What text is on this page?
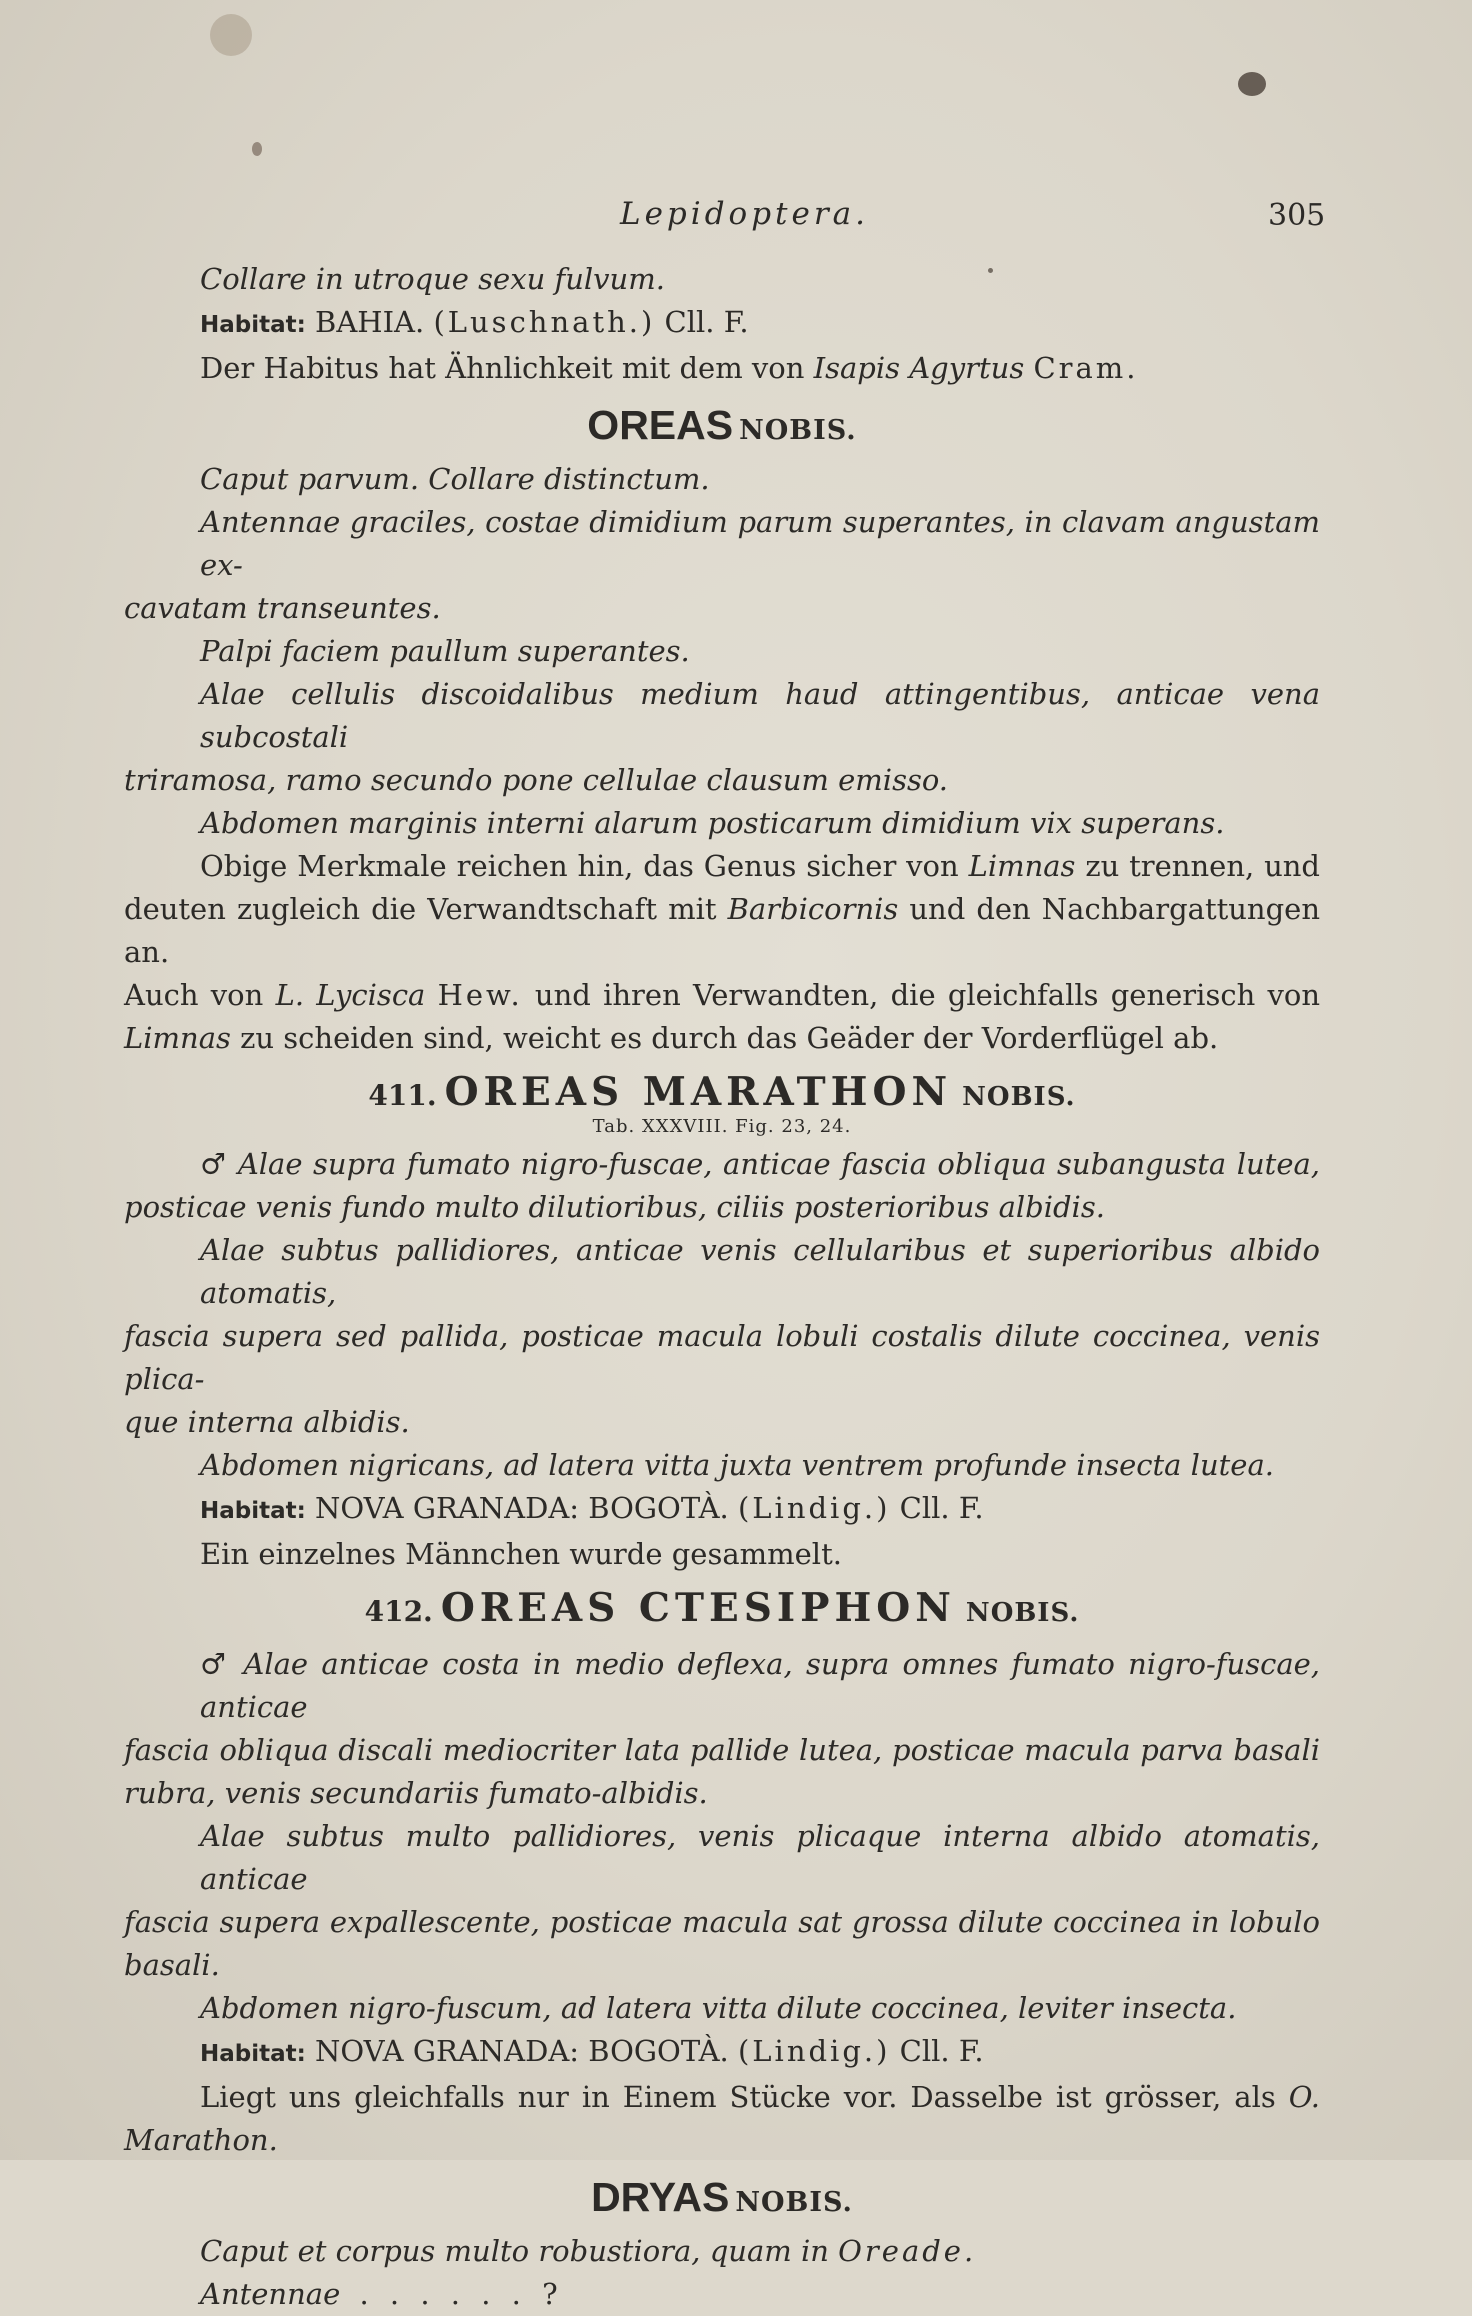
Lepidoptera.	305
Collare in utroque sexu fulvum.
Habitat: BAHIA. (Luschnath.) Cll. F.
Der Habitus hat Ähnlichkeit mit dem von Isapis Agyrtus Cram.
OREAS NOBIS.
Caput parvum. Collare distinctum.
Antennae graciles, costae dimidium parum superantes, in clavam angustam ex-
cavatam transeuntes.
Palpi faciem paullum superantes.
Alae cellulis discoidalibus medium haud attingentibus, anticae vena subcostali
triramosa, ramo secundo pone cellulae clausum emisso.
Abdomen marginis interni alarum posticarum dimidium vix superans.
Obige Merkmale reichen hin, das Genus sicher von Limnas zu trennen, und
deuten zugleich die Verwandtschaft mit Barbicornis und den Nachbargattungen an.
Auch von L. Lycisca Hew. und ihren Verwandten, die gleichfalls generisch von
Limnas zu scheiden sind, weicht es durch das Geäder der Vorderflügel ab.
411. OREAS MARATHON NOBIS.
Tab. XXXVIII. Fig. 23, 24.
♂ Alae supra fumato nigro-fuscae, anticae fascia obliqua subangusta lutea,
posticae venis fundo multo dilutioribus, ciliis posterioribus albidis.
Alae subtus pallidiores, anticae venis cellularibus et superioribus albido atomatis,
fascia supera sed pallida, posticae macula lobuli costalis dilute coccinea, venis plica-
que interna albidis.
Abdomen nigricans, ad latera vitta juxta ventrem profunde insecta lutea.
Habitat: NOVA GRANADA: BOGOTÀ. (Lindig.) Cll. F.
Ein einzelnes Männchen wurde gesammelt.
412. OREAS CTESIPHON NOBIS.
♂ Alae anticae costa in medio deflexa, supra omnes fumato nigro-fuscae, anticae
fascia obliqua discali mediocriter lata pallide lutea, posticae macula parva basali
rubra, venis secundariis fumato-albidis.
Alae subtus multo pallidiores, venis plicaque interna albido atomatis, anticae
fascia supera expallescente, posticae macula sat grossa dilute coccinea in lobulo basali.
Abdomen nigro-fuscum, ad latera vitta dilute coccinea, leviter insecta.
Habitat: NOVA GRANADA: BOGOTÀ. (Lindig.) Cll. F.
Liegt uns gleichfalls nur in Einem Stücke vor. Dasselbe ist grösser, als O.
Marathon.
DRYAS NOBIS.
Caput et corpus multo robustiora, quam in Oreade.
Antennae . . . . . . ?
